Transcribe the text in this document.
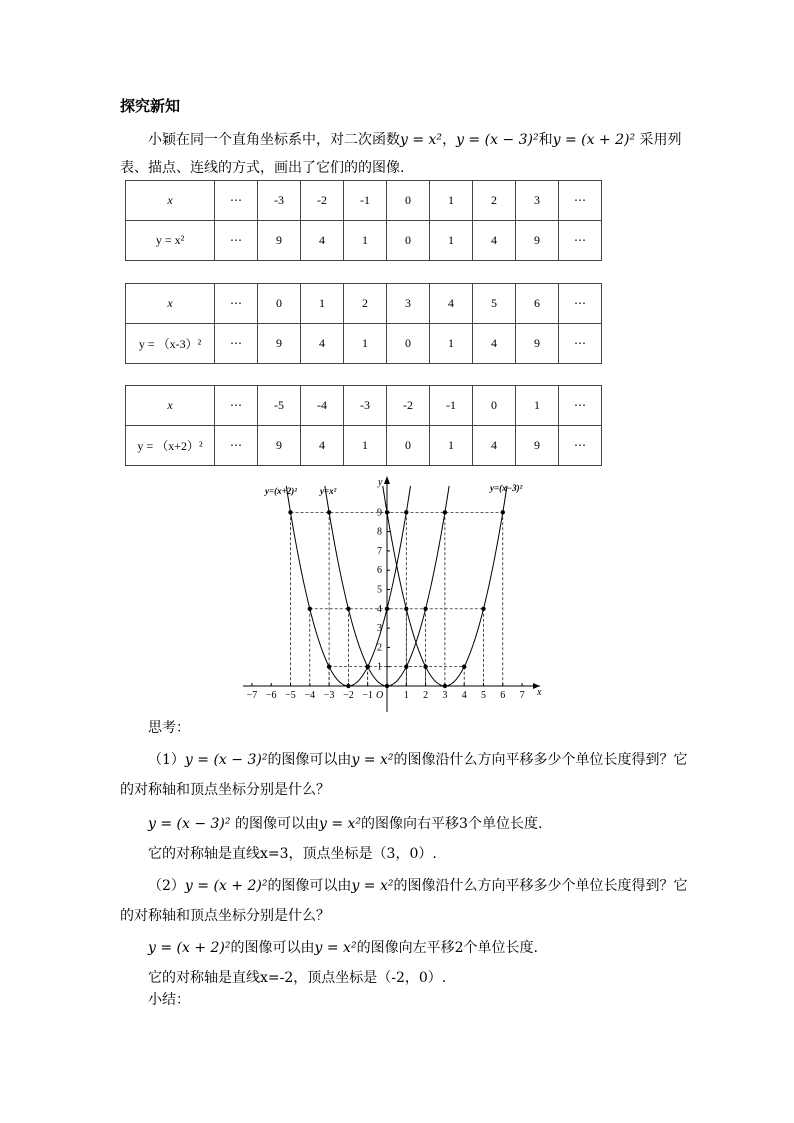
探究新知
小颖在同一个直角坐标系中，对二次函数y = x²，y = (x − 3)²和y = (x + 2)² 采用列
表、描点、连线的方式，画出了它们的的图像.
x	⋯	-3	-2	-1	0	1	2	3	⋯
y = x²	⋯	9	4	1	0	1	4	9	⋯
x	⋯	0	1	2	3	4	5	6	⋯
y = （x-3）²	⋯	9	4	1	0	1	4	9	⋯
x	⋯	-5	-4	-3	-2	-1	0	1	⋯
y = （x+2）²	⋯	9	4	1	0	1	4	9	⋯
x
y
O
−7 −6 −5 −4 −3 −2 −1	1 2 3 4 5 6 7
1
2
3
4
5
6
7
8
9
y=(x+2)²	y=x²	y=(x−3)²
思考：
（1）y = (x − 3)²的图像可以由y = x²的图像沿什么方向平移多少个单位长度得到？它
的对称轴和顶点坐标分别是什么？
y = (x − 3)² 的图像可以由y = x²的图像向右平移3个单位长度.
它的对称轴是直线x=3，顶点坐标是（3，0）.
（2）y = (x + 2)²的图像可以由y = x²的图像沿什么方向平移多少个单位长度得到？它
的对称轴和顶点坐标分别是什么？
y = (x + 2)²的图像可以由y = x²的图像向左平移2个单位长度.
它的对称轴是直线x=-2，顶点坐标是（-2，0）.
小结：
